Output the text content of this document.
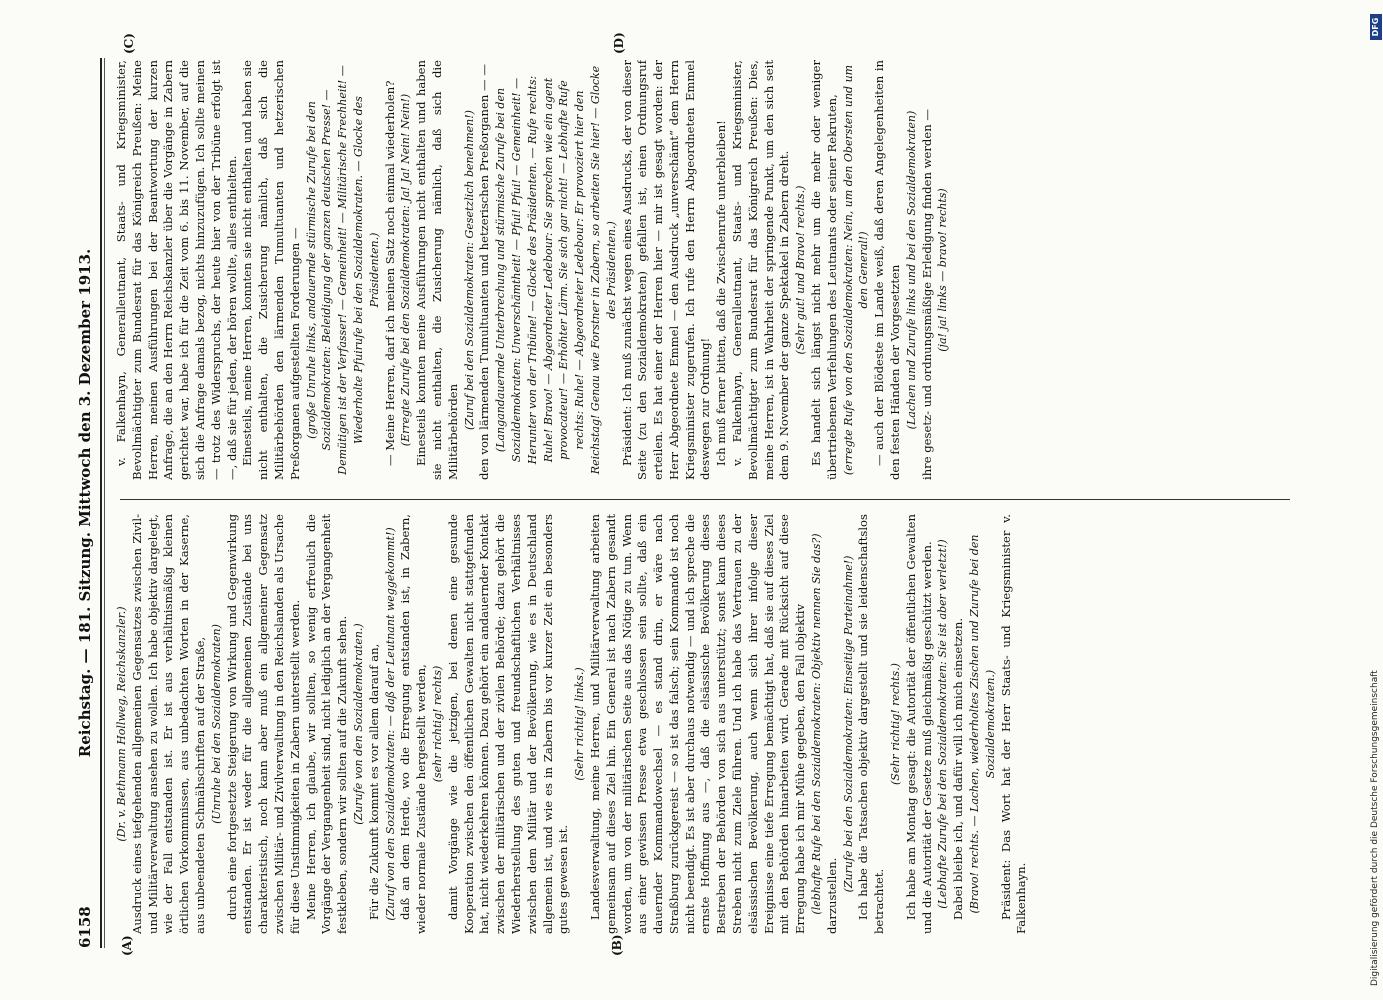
6158
Reichstag. — 181. Sitzung. Mittwoch den 3. Dezember 1913.
(A)	(B)
(C)	(D)

(Dr. v. Bethmann Hollweg, Reichskanzler.) Ausdruck eines tiefgehenden allgemeinen Gegensatzes zwischen Zivil- und Militärverwaltung ansehen zu wollen. Ich habe objektiv dargelegt, wie der Fall entstanden ist. Er ist aus verhältnismäßig kleinen örtlichen Vorkommnissen, aus unbedachten Worten in der Kaserne, aus unbeendeten Schmähschriften auf der Straße, (Unruhe bei den Sozialdemokraten) durch eine fortgesetzte Steigerung von Wirkung und Gegenwirkung entstanden. Er ist weder für die allgemeinen Zustände bei uns charakteristisch, noch kann aber muß ein allgemeiner Gegensatz zwischen Militär- und Zivilverwaltung in den Reichslanden als Ursache für diese Unstimmigkeiten in Zabern unterstellt werden. Meine Herren, ich glaube, wir sollten, so wenig erfreulich die Vorgänge der Vergangenheit sind, nicht lediglich an der Vergangenheit festkleben, sondern wir sollten auf die Zukunft sehen. (Zurufe von den Sozialdemokraten.) Für die Zukunft kommt es vor allem darauf an, (Zuruf von den Sozialdemokraten: — daß der Leutnant weggekommt!) daß an dem Herde, wo die Erregung entstanden ist, in Zabern, wieder normale Zustände hergestellt werden, (sehr richtig! rechts) damit Vorgänge wie die jetzigen, bei denen eine gesunde Kooperation zwischen den öffentlichen Gewalten nicht stattgefunden hat, nicht wiederkehren können. Dazu gehört ein andauernder Kontakt zwischen der militärischen und der zivilen Behörde; dazu gehört die Wiederherstellung des guten und freundschaftlichen Verhältnisses zwischen dem Militär und der Bevölkerung, wie es in Deutschland allgemein ist, und wie es in Zabern bis vor kurzer Zeit ein besonders gutes gewesen ist.

(Sehr richtig! links.) Landesverwaltung, meine Herren, und Militärverwaltung arbeiten gemeinsam auf dieses Ziel hin. Ein General ist nach Zabern gesandt worden, um von der militärischen Seite aus das Nötige zu tun. Wenn aus einer gewissen Presse etwa geschlossen sein sollte, daß ein dauernder Kommandowechsel — es stand drin, er wäre nach Straßburg zurückgereist — so ist das falsch; sein Kommando ist noch nicht beendigt. Es ist aber durchaus notwendig — und ich spreche die ernste Hoffnung aus —, daß die elsässische Bevölkerung dieses Bestreben der Behörden von sich aus unterstützt; sonst kann dieses Streben nicht zum Ziele führen. Und ich habe das Vertrauen zu der elsässischen Bevölkerung, auch wenn sich ihrer infolge dieser Ereignisse eine tiefe Erregung bemächtigt hat, daß sie auf dieses Ziel mit den Behörden hinarbeiten wird. Gerade mit Rücksicht auf diese Erregung habe ich mir Mühe gegeben, den Fall objektiv (lebhafte Rufe bei den Sozialdemokraten: Objektiv nennen Sie das?) darzustellen.

(Zurufe bei den Sozialdemokraten: Einseitige Parteinahme!) Ich habe die Tatsachen objektiv dargestellt und sie leidenschaftslos betrachtet.

(Sehr richtig! rechts.) Ich habe am Montag gesagt: die Autorität der öffentlichen Gewalten und die Autorität der Gesetze muß gleichmäßig geschützt werden. (Lebhafte Zurufe bei den Sozialdemokraten: Sie ist aber verletzt!) Dabei bleibe ich, und dafür will ich mich einsetzen. (Bravo! rechts. — Lachen, wiederholtes Zischen und Zurufe bei den Sozialdemokraten.) Präsident: Das Wort hat der Herr Staats- und Kriegsminister v. Falkenhayn.

v. Falkenhayn, Generalleutnant, Staats- und Kriegsminister, Bevollmächtigter zum Bundesrat für das Königreich Preußen: Meine Herren, meinen Ausführungen bei der Beantwortung der kurzen Anfrage, die an den Herrn Reichskanzler über die Vorgänge in Zabern gerichtet war, habe ich für die Zeit vom 6. bis 11. November, auf die sich die Anfrage damals bezog, nichts hinzuzufügen. Ich sollte meinen — trotz des Widerspruchs, der heute hier von der Tribüne erfolgt ist —, daß sie für jeden, der hören wollte, alles enthielten. Einesteils, meine Herren, konnten sie nicht enthalten und haben sie nicht enthalten, die Zusicherung nämlich, daß sich die Militärbehörden den lärmenden Tumultuanten und hetzerischen Preßorganen aufgestellten Forderungen — (große Unruhe links, andauernde stürmische Zurufe bei den Sozialdemokraten: Beleidigung der ganzen deutschen Presse! — Demütigen ist der Verfasser! — Gemeinheit! — Militärische Frechheit! — Wiederholte Pfuirufe bei den Sozialdemokraten. — Glocke des Präsidenten.) — Meine Herren, darf ich meinen Satz noch einmal wiederholen? (Erregte Zurufe bei den Sozialdemokraten: Ja! Ja! Nein! Nein!) Einesteils konnten meine Ausführungen nicht enthalten und haben sie nicht enthalten, die Zusicherung nämlich, daß sich die Militärbehörden

(Zuruf bei den Sozialdemokraten: Gesetzlich benehmen!) den von lärmenden Tumultuanten und hetzerischen Preßorganen — — (Langandauernde Unterbrechung und stürmische Zurufe bei den Sozialdemokraten: Unverschämtheit! — Pfui! Pfui! — Gemeinheit! — Herunter von der Tribüne! — Glocke des Präsidenten. — Rufe rechts: Ruhe! Bravo! — Abgeordneter Ledebour: Sie sprechen wie ein agent provocateur! — Erhöhter Lärm. Sie sich gar nicht! — Lebhafte Rufe rechts: Ruhe! — Abgeordneter Ledebour: Er provoziert hier den Reichstag! Genau wie Forstner in Zabern, so arbeiten Sie hier! — Glocke des Präsidenten.) Präsident: Ich muß zunächst wegen eines Ausdrucks, der von dieser Seite (zu den Sozialdemokraten) gefallen ist, einen Ordnungsruf erteilen. Es hat einer der Herren hier — mir ist gesagt worden: der Herr Abgeordnete Emmel — den Ausdruck „unverschämt“ dem Herrn Kriegsminister zugerufen. Ich rufe den Herrn Abgeordneten Emmel deswegen zur Ordnung! Ich muß ferner bitten, daß die Zwischenrufe unterbleiben! v. Falkenhayn, Generalleutnant, Staats- und Kriegsminister, Bevollmächtigter zum Bundesrat für das Königreich Preußen: Dies, meine Herren, ist in Wahrheit der springende Punkt, um den sich seit dem 9. November der ganze Spektakel in Zabern dreht. (Sehr gut! und Bravo! rechts.) Es handelt sich längst nicht mehr um die mehr oder weniger übertriebenen Verfehlungen des Leutnants oder seiner Rekruten, (erregte Rufe von den Sozialdemokraten: Nein, um den Obersten und um den General!) — auch der Blödeste im Lande weiß, daß deren Angelegenheiten in den festen Händen der Vorgesetzten (Lachen und Zurufe links und bei den Sozialdemokraten) ihre gesetz- und ordnungsmäßige Erledigung finden werden — (ja! ja! links — bravo! rechts)

Digitalisierung gefördert durch die Deutsche Forschungsgemeinschaft
DFG
